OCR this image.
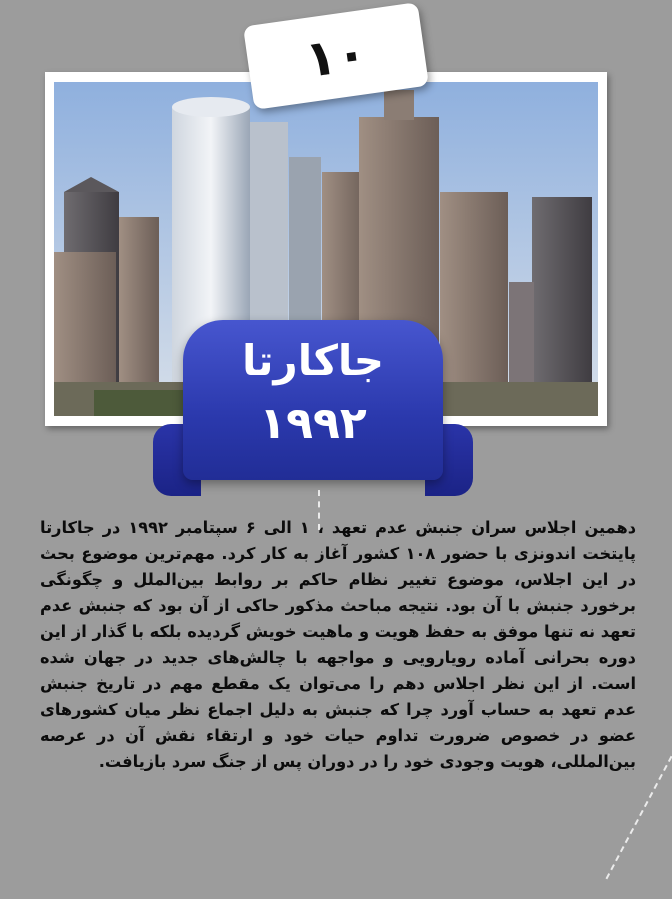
۱۰
جاکارتا
۱۹۹۲
دهمین اجلاس سران جنبش عدم تعهد ، ۱ الی ۶ سپتامبر ۱۹۹۲ در جاکارتا پایتخت اندونزی با حضور ۱۰۸ کشور آغاز به کار کرد. مهم‌ترین موضوع بحث در این اجلاس، موضوع تغییر نظام حاکم بر روابط بین‌الملل و چگونگی برخورد جنبش با آن بود. نتیجه مباحث مذکور حاکی از آن بود که جنبش عدم تعهد نه تنها موفق به حفظ هویت و ماهیت خویش گردیده بلکه با گذار از این دوره بحرانی آماده رویارویی و مواجهه با چالش‌های جدید در جهان شده است. از این نظر اجلاس دهم را می‌توان یک مقطع مهم در تاریخ جنبش عدم تعهد به حساب آورد چرا که جنبش به دلیل اجماع نظر میان کشورهای عضو در خصوص ضرورت تداوم حیات خود و ارتقاء نقش آن در عرصه بین‌المللی، هویت وجودی خود را در دوران پس از جنگ سرد بازیافت.
